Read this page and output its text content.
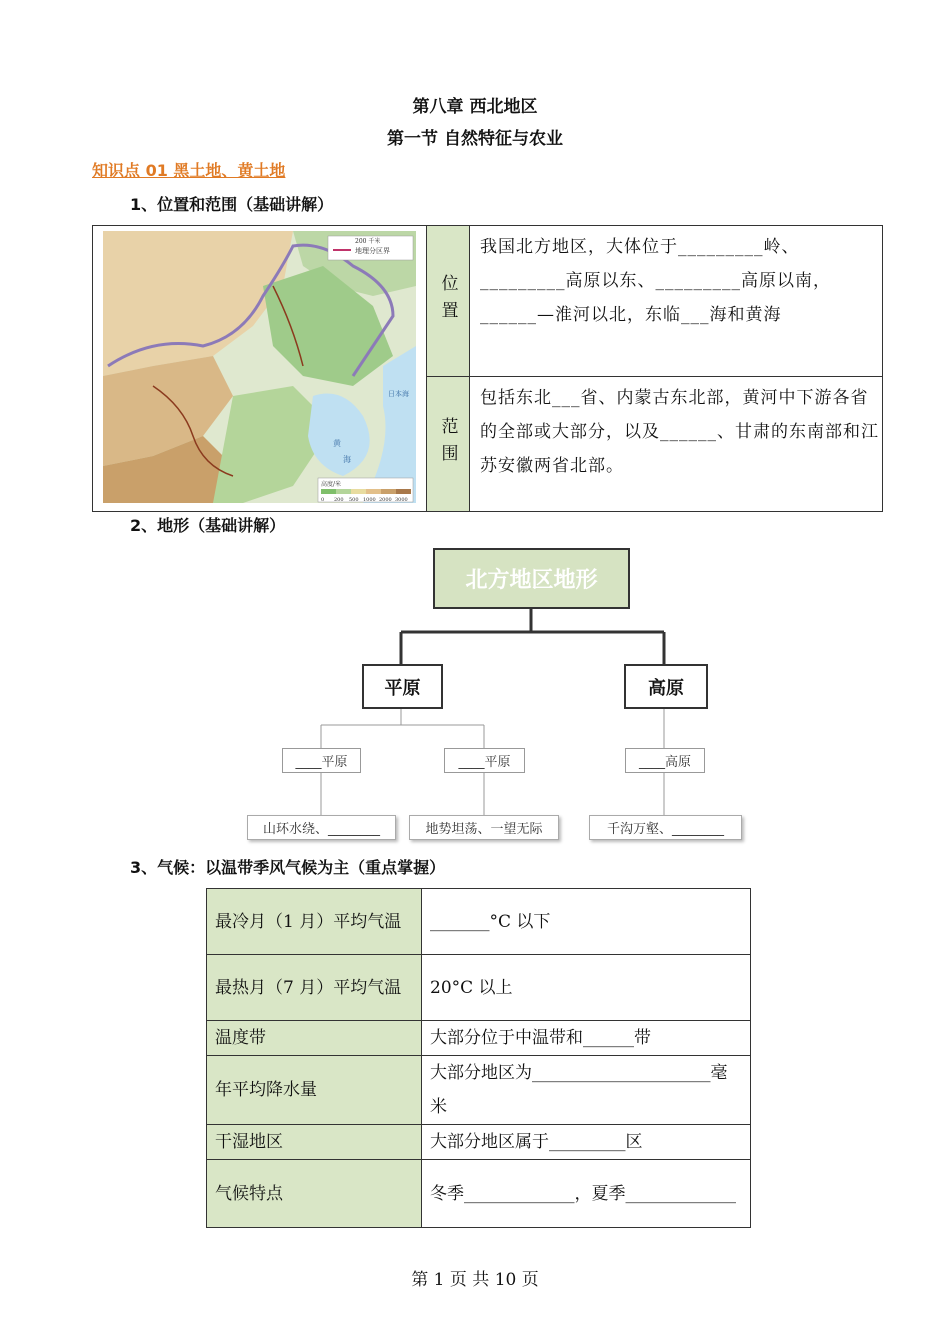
第八章 西北地区
第一节 自然特征与农业
知识点 01 黑土地、黄土地
1、位置和范围（基础讲解）
地理分区界
200 千米
高度/米
0 200 500 1000 2000 3000
日本海
黄
海
位置
我国北方地区，大体位于_________岭、_________高原以东、_________高原以南，______—淮河以北，东临___海和黄海
范围
包括东北___省、内蒙古东北部，黄河中下游各省的全部或大部分，以及______、甘肃的东南部和江苏安徽两省北部。
2、地形（基础讲解）
北方地区地形
平原	高原
____平原	____平原	____高原
山环水绕、________	地势坦荡、一望无际	千沟万壑、________
3、气候：以温带季风气候为主（重点掌握）
最冷月（1 月）平均气温	_______°C 以下
最热月（7 月）平均气温	20°C 以上
温度带	大部分位于中温带和______带
年平均降水量	大部分地区为_____________________毫米
干湿地区	大部分地区属于_________区
气候特点	冬季_____________，夏季_____________
第 1 页 共 10 页
